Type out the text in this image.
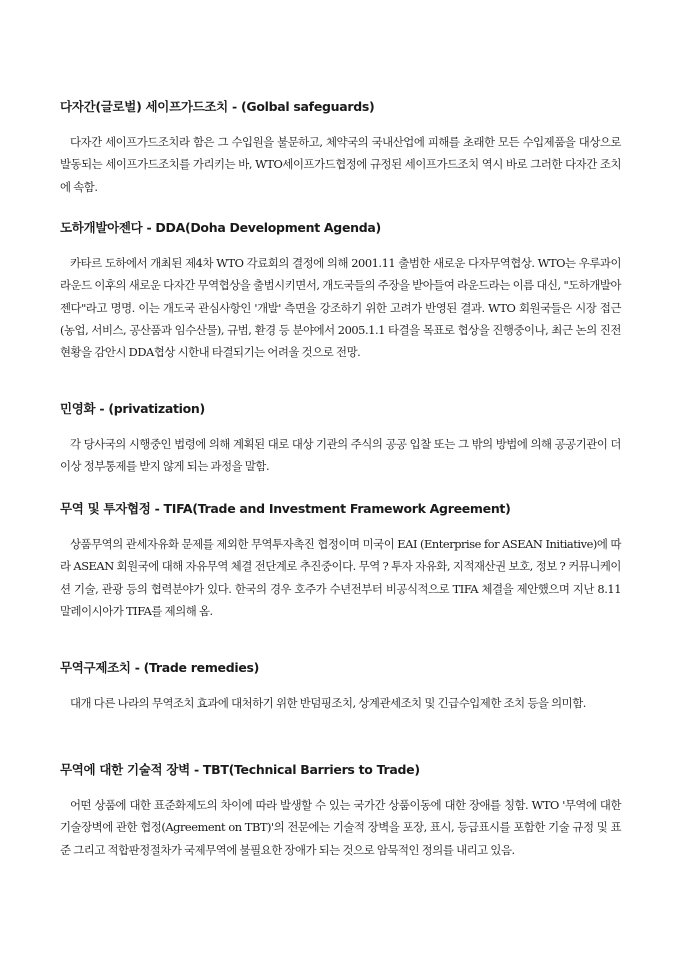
다자간(글로벌) 세이프가드조치 - (Golbal safeguards)

다자간 세이프가드조치라 함은 그 수입원을 불문하고, 체약국의 국내산업에 피해를 초래한 모든 수입제품을 대상으로 발동되는 세이프가드조치를 가리키는 바, WTO세이프가드협정에 규정된 세이프가드조치 역시 바로 그러한 다자간 조치에 속함.

도하개발아젠다 - DDA(Doha Development Agenda)

카타르 도하에서 개최된 제4차 WTO 각료회의 결정에 의해 2001.11 출범한 새로운 다자무역협상. WTO는 우루과이 라운드 이후의 새로운 다자간 무역협상을 출범시키면서, 개도국들의 주장을 받아들여 라운드라는 이름 대신, "도하개발아젠다"라고 명명. 이는 개도국 관심사항인 '개발' 측면을 강조하기 위한 고려가 반영된 결과. WTO 회원국들은 시장 접근(농업, 서비스, 공산품과 임수산물), 규범, 환경 등 분야에서 2005.1.1 타결을 목표로 협상을 진행중이나, 최근 논의 진전 현황을 감안시 DDA협상 시한내 타결되기는 어려울 것으로 전망.

민영화 - (privatization)

각 당사국의 시행중인 법령에 의해 계획된 대로 대상 기관의 주식의 공공 입찰 또는 그 밖의 방법에 의해 공공기관이 더 이상 정부통제를 받지 않게 되는 과정을 말함.

무역 및 투자협정 - TIFA(Trade and Investment Framework Agreement)

상품무역의 관세자유화 문제를 제외한 무역투자촉진 협정이며 미국이 EAI (Enterprise for ASEAN Initiative)에 따라 ASEAN 회원국에 대해 자유무역 체결 전단계로 추진중이다. 무역 ? 투자 자유화, 지적재산권 보호, 정보 ? 커뮤니케이션 기술, 관광 등의 협력분야가 있다. 한국의 경우 호주가 수년전부터 비공식적으로 TIFA 체결을 제안했으며 지난 8.11 말레이시아가 TIFA를 제의해 옴.

무역구제조치 - (Trade remedies)

대개 다른 나라의 무역조치 효과에 대처하기 위한 반덤핑조치, 상계관세조치 및 긴급수입제한 조치 등을 의미함.

무역에 대한 기술적 장벽 - TBT(Technical Barriers to Trade)

어떤 상품에 대한 표준화제도의 차이에 따라 발생할 수 있는 국가간 상품이동에 대한 장애를 칭함. WTO '무역에 대한 기술장벽에 관한 협정(Agreement on TBT)'의 전문에는 기술적 장벽을 포장, 표시, 등급표시를 포함한 기술 규정 및 표준 그리고 적합판정절차가 국제무역에 불필요한 장애가 되는 것으로 암묵적인 정의를 내리고 있음.
